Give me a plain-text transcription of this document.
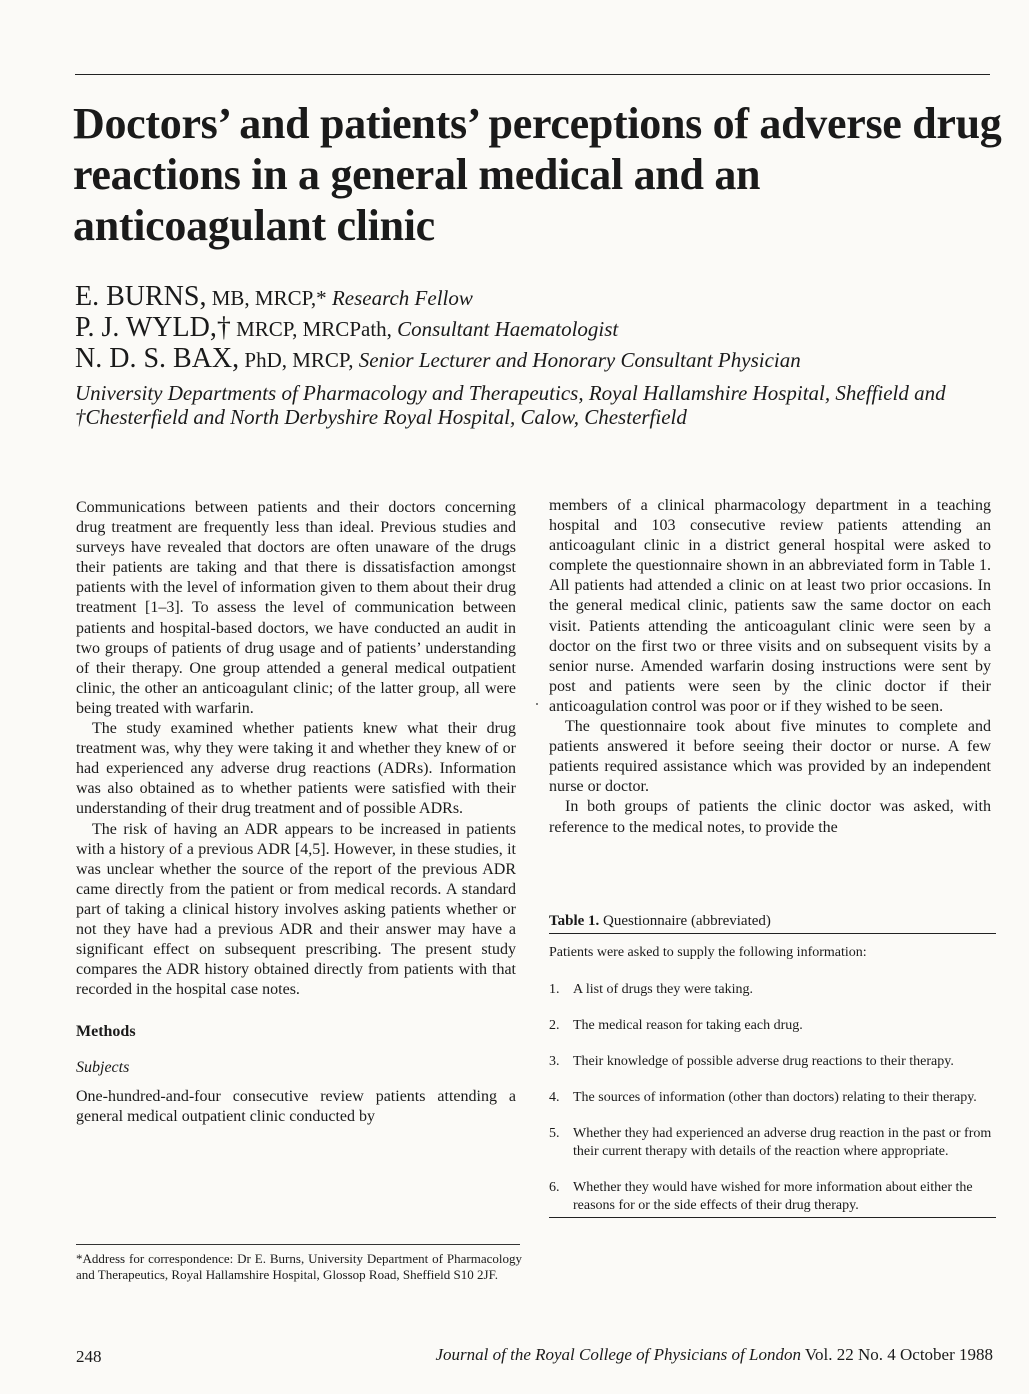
Doctors’ and patients’ perceptions of adverse drug reactions in a general medical and an anticoagulant clinic
E. BURNS, MB, MRCP,* Research Fellow
P. J. WYLD,† MRCP, MRCPath, Consultant Haematologist
N. D. S. BAX, PhD, MRCP, Senior Lecturer and Honorary Consultant Physician
University Departments of Pharmacology and Therapeutics, Royal Hallamshire Hospital, Sheffield and †Chesterfield and North Derbyshire Royal Hospital, Calow, Chesterfield

Communications between patients and their doctors concerning drug treatment are frequently less than ideal. Previous studies and surveys have revealed that doctors are often unaware of the drugs their patients are taking and that there is dissatisfaction amongst patients with the level of information given to them about their drug treatment [1–3]. To assess the level of communication between patients and hospital-based doctors, we have conducted an audit in two groups of patients of drug usage and of patients’ understanding of their therapy. One group attended a general medical outpatient clinic, the other an anticoagulant clinic; of the latter group, all were being treated with warfarin.

The study examined whether patients knew what their drug treatment was, why they were taking it and whether they knew of or had experienced any adverse drug reactions (ADRs). Information was also obtained as to whether patients were satisfied with their understanding of their drug treatment and of possible ADRs.

The risk of having an ADR appears to be increased in patients with a history of a previous ADR [4,5]. However, in these studies, it was unclear whether the source of the report of the previous ADR came directly from the patient or from medical records. A standard part of taking a clinical history involves asking patients whether or not they have had a previous ADR and their answer may have a significant effect on subsequent prescribing. The present study compares the ADR history obtained directly from patients with that recorded in the hospital case notes.

Methods
Subjects

One-hundred-and-four consecutive review patients attending a general medical outpatient clinic conducted by

*Address for correspondence: Dr E. Burns, University Department of Pharmacology and Therapeutics, Royal Hallamshire Hospital, Glossop Road, Sheffield S10 2JF.

members of a clinical pharmacology department in a teaching hospital and 103 consecutive review patients attending an anticoagulant clinic in a district general hospital were asked to complete the questionnaire shown in an abbreviated form in Table 1. All patients had attended a clinic on at least two prior occasions. In the general medical clinic, patients saw the same doctor on each visit. Patients attending the anticoagulant clinic were seen by a doctor on the first two or three visits and on subsequent visits by a senior nurse. Amended warfarin dosing instructions were sent by post and patients were seen by the clinic doctor if their anticoagulation control was poor or if they wished to be seen.

The questionnaire took about five minutes to complete and patients answered it before seeing their doctor or nurse. A few patients required assistance which was provided by an independent nurse or doctor.

In both groups of patients the clinic doctor was asked, with reference to the medical notes, to provide the

Table 1. Questionnaire (abbreviated)
Patients were asked to supply the following information:
1. A list of drugs they were taking.
2. The medical reason for taking each drug.
3. Their knowledge of possible adverse drug reactions to their therapy.
4. The sources of information (other than doctors) relating to their therapy.
5. Whether they had experienced an adverse drug reaction in the past or from their current therapy with details of the reaction where appropriate.
6. Whether they would have wished for more information about either the reasons for or the side effects of their drug therapy.
248	Journal of the Royal College of Physicians of London Vol. 22 No. 4 October 1988
